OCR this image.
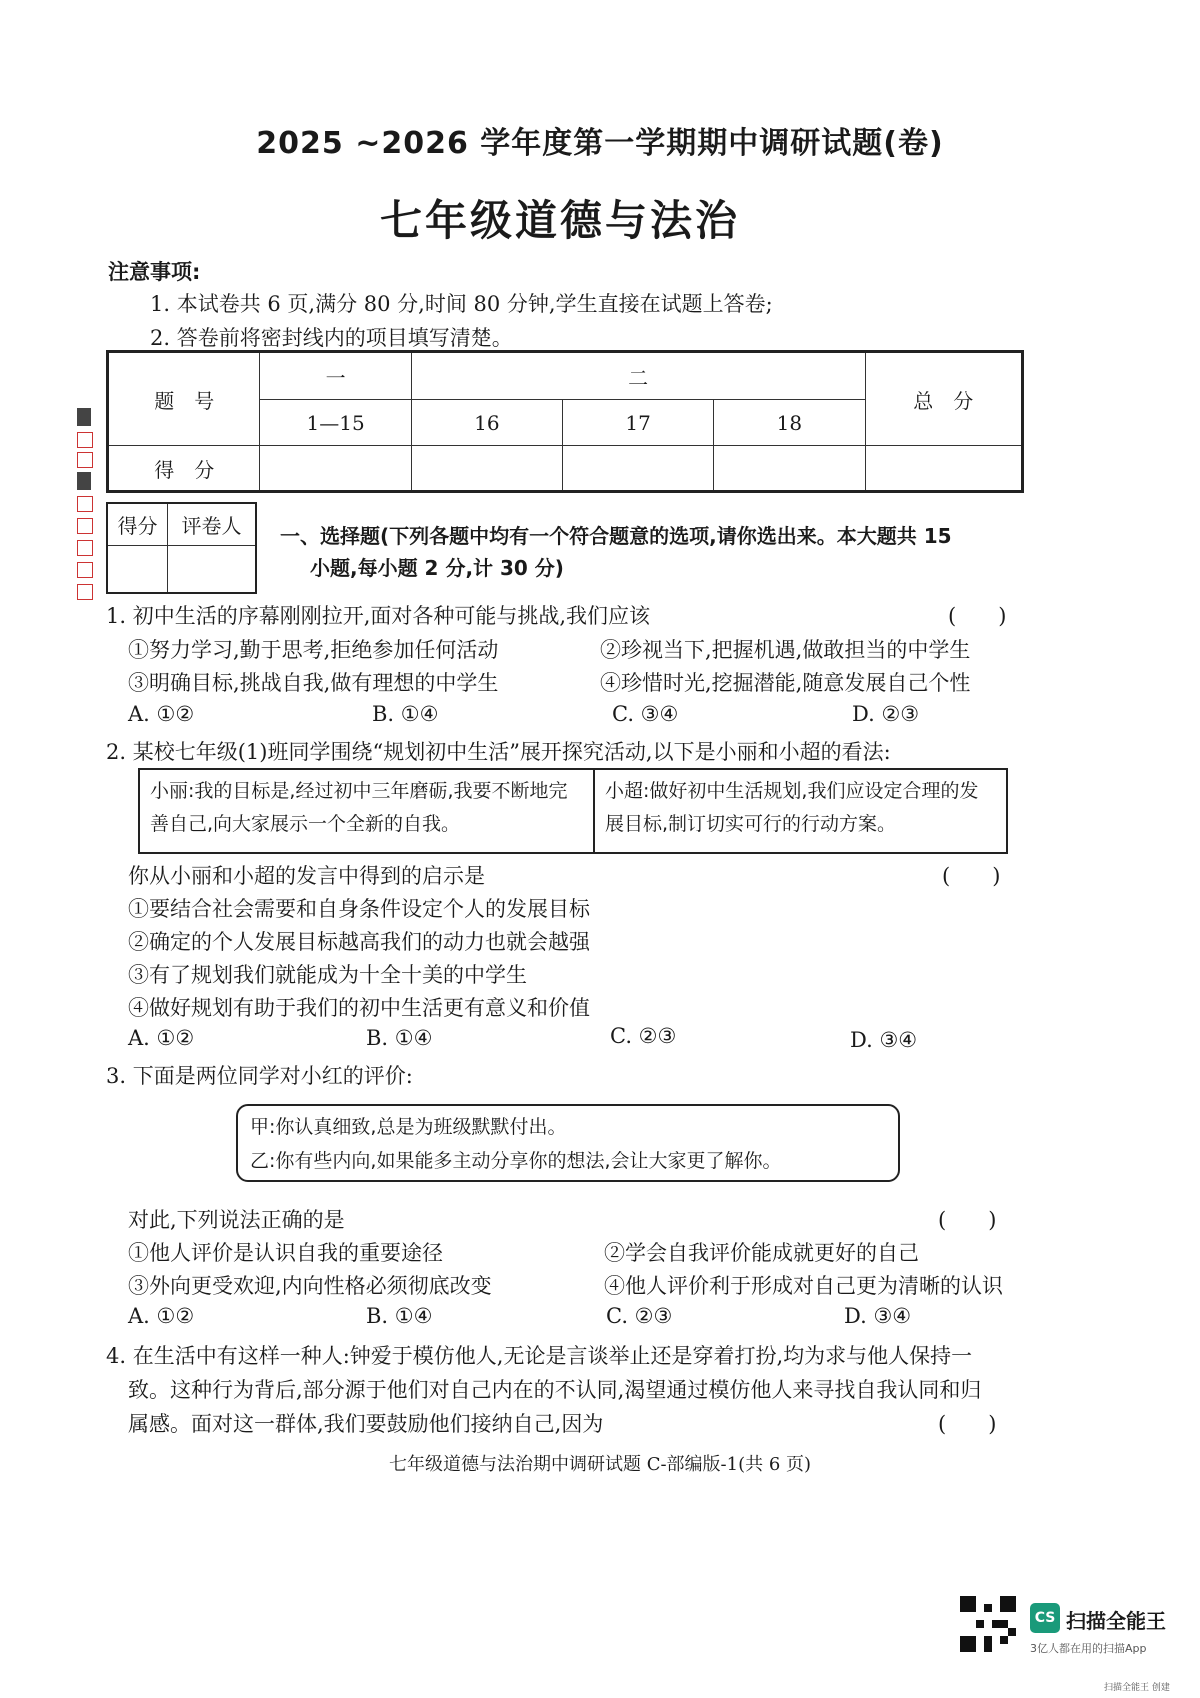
2025 ~2026 学年度第一学期期中调研试题(卷)
七年级道德与法治
注意事项:
1. 本试卷共 6 页,满分 80 分,时间 80 分钟,学生直接在试题上答卷;
2. 答卷前将密封线内的项目填写清楚。
题　号	一	二			总　分
	1—15	16	17	18	
得　分					
得分	评卷人
	一、选择题(下列各题中均有一个符合题意的选项,请你选出来。本大题共 15
小题,每小题 2 分,计 30 分)
1. 初中生活的序幕刚刚拉开,面对各种可能与挑战,我们应该	(　　)
①努力学习,勤于思考,拒绝参加任何活动	②珍视当下,把握机遇,做敢担当的中学生
③明确目标,挑战自我,做有理想的中学生	④珍惜时光,挖掘潜能,随意发展自己个性
A. ①②	B. ①④	C. ③④	D. ②③
2. 某校七年级(1)班同学围绕“规划初中生活”展开探究活动,以下是小丽和小超的看法:
小丽:我的目标是,经过初中三年磨砺,我要不断地完善自己,向大家展示一个全新的自我。
小超:做好初中生活规划,我们应设定合理的发展目标,制订切实可行的行动方案。
你从小丽和小超的发言中得到的启示是	(　　)
①要结合社会需要和自身条件设定个人的发展目标
②确定的个人发展目标越高我们的动力也就会越强
③有了规划我们就能成为十全十美的中学生
④做好规划有助于我们的初中生活更有意义和价值
A. ①②	B. ①④	C. ②③	D. ③④
3. 下面是两位同学对小红的评价:
甲:你认真细致,总是为班级默默付出。
乙:你有些内向,如果能多主动分享你的想法,会让大家更了解你。
对此,下列说法正确的是	(　　)
①他人评价是认识自我的重要途径	②学会自我评价能成就更好的自己
③外向更受欢迎,内向性格必须彻底改变	④他人评价利于形成对自己更为清晰的认识
A. ①②	B. ①④	C. ②③	D. ③④
4. 在生活中有这样一种人:钟爱于模仿他人,无论是言谈举止还是穿着打扮,均为求与他人保持一
致。这种行为背后,部分源于他们对自己内在的不认同,渴望通过模仿他人来寻找自我认同和归
属感。面对这一群体,我们要鼓励他们接纳自己,因为	(　　)
七年级道德与法治期中调研试题 C-部编版-1(共 6 页)
CS 扫描全能王
3亿人都在用的扫描App
扫描全能王 创建
